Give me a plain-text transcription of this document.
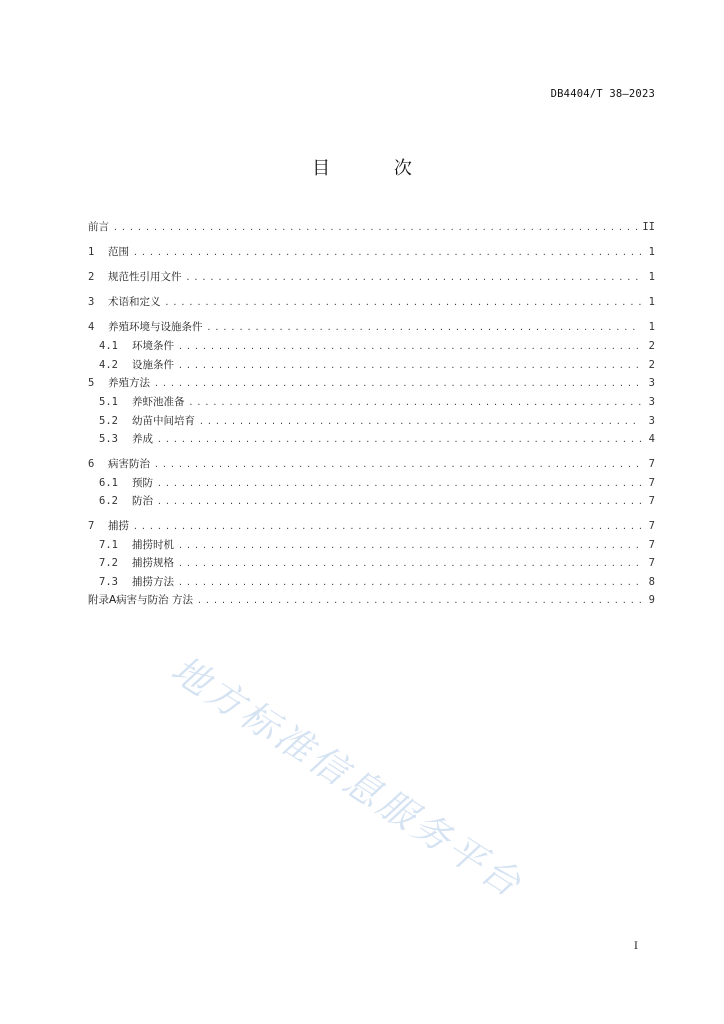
DB4404/T 38—2023
目	次
前言 .....	II
1	范围 .....	1
2	规范性引用文件 .....	1
3	术语和定义 .....	1
4	养殖环境与设施条件 .....	1
4.1	环境条件 .....	2
4.2	设施条件 .....	2
5	养殖方法 .....	3
5.1	养虾池准备 .....	3
5.2	幼苗中间培育 .....	3
5.3	养成 .....	4
6	病害防治 .....	7
6.1	预防 .....	7
6.2	防治 .....	7
7	捕捞 .....	7
7.1	捕捞时机 .....	7
7.2	捕捞规格 .....	7
7.3	捕捞方法 .....	8
附录A病害与防治 方法 .....	9
地方标准信息服务平台
I
